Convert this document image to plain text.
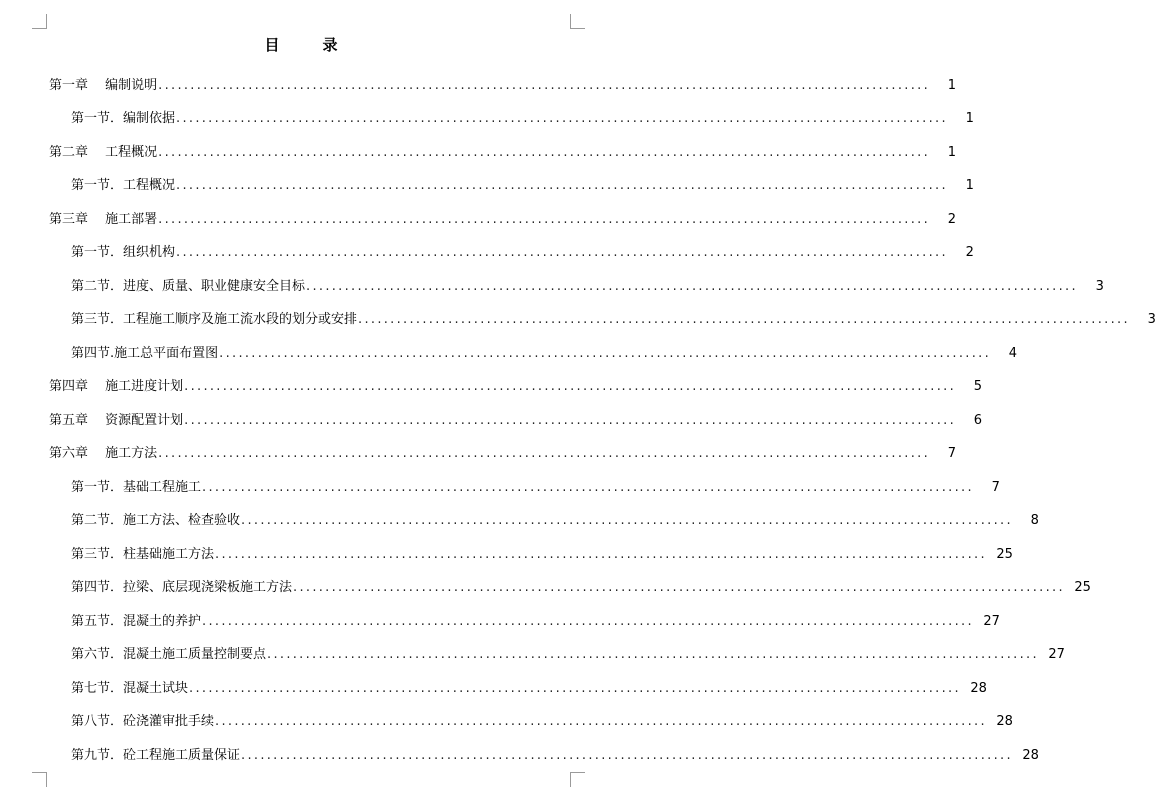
目　录
第一章　 编制说明 ........................................................................................................................	1
第一节．编制依据 ........................................................................................................................	1
第二章　 工程概况 ........................................................................................................................	1
第一节．工程概况 ........................................................................................................................	1
第三章　 施工部署 ........................................................................................................................	2
第一节．组织机构 ........................................................................................................................	2
第二节．进度、质量、职业健康安全目标 ........................................................................................................................	3
第三节．工程施工顺序及施工流水段的划分或安排 ........................................................................................................................	3
第四节.施工总平面布置图 ........................................................................................................................	4
第四章　 施工进度计划 ........................................................................................................................	5
第五章　 资源配置计划 ........................................................................................................................	6
第六章　 施工方法 ........................................................................................................................	7
第一节．基础工程施工 ........................................................................................................................	7
第二节．施工方法、检查验收 ........................................................................................................................	8
第三节．柱基础施工方法 ........................................................................................................................ 25
第四节．拉梁、底层现浇梁板施工方法 ........................................................................................................................ 25
第五节．混凝土的养护 ........................................................................................................................ 27
第六节．混凝土施工质量控制要点 ........................................................................................................................ 27
第七节．混凝土试块 ........................................................................................................................ 28
第八节．砼浇灌审批手续 ........................................................................................................................ 28
第九节．砼工程施工质量保证 ........................................................................................................................ 28
